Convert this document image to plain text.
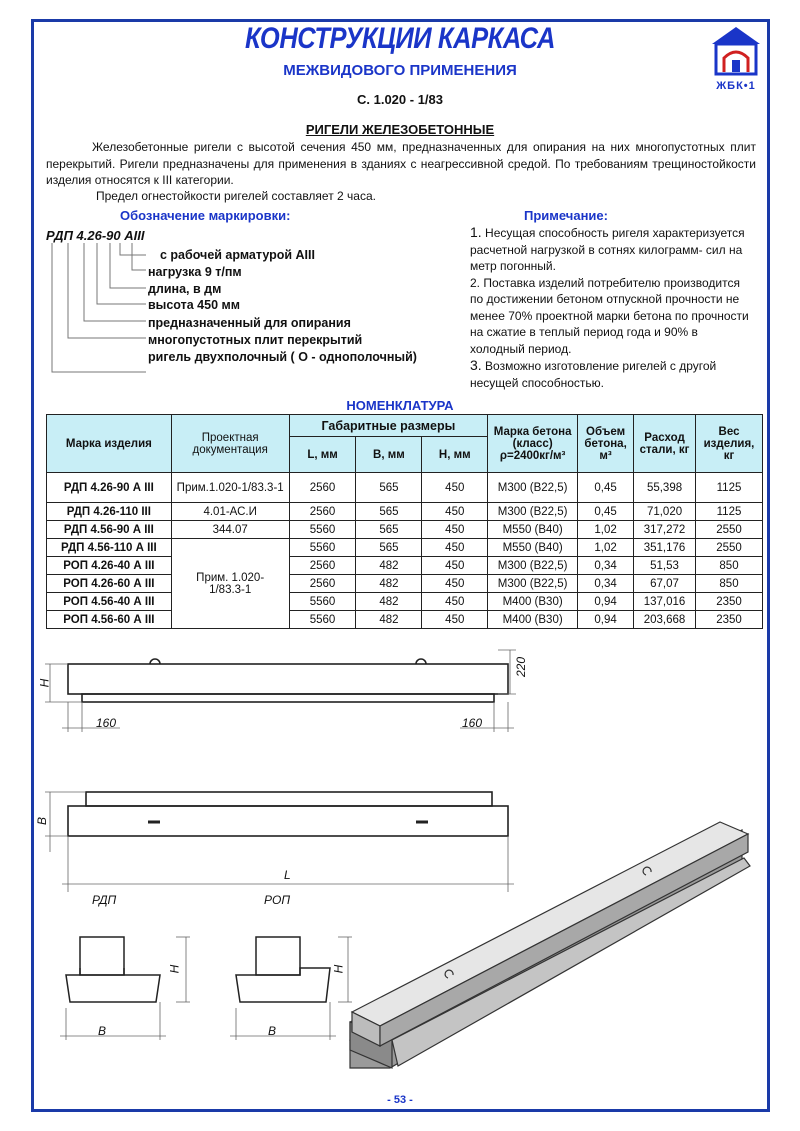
ЖБК•1
КОНСТРУКЦИИ КАРКАСА
МЕЖВИДОВОГО ПРИМЕНЕНИЯ
С. 1.020 - 1/83
РИГЕЛИ ЖЕЛЕЗОБЕТОННЫЕ
Железобетонные ригели с высотой сечения 450 мм, предназначенных для опирания на них многопустотных плит перекрытий. Ригели предназначены для применения в зданиях с неагрессивной средой. По требованиям трещиностойкости изделия относятся к III категории.
Предел огнестойкости ригелей составляет 2 часа.
Обозначение маркировки:
РДП 4.26-90 АIII
с рабочей арматурой АIII
нагрузка 9 т/пм
длина, в дм
высота 450 мм
предназначенный для опирания
многопустотных плит перекрытий
ригель двухполочный ( О - однополочный)
Примечание:
1. Несущая способность ригеля характеризуется расчетной нагрузкой в сотнях килограмм- сил на метр погонный.
2. Поставка изделий потребителю производится по достижении бетоном отпускной прочности не менее 70% проектной марки бетона по прочности на сжатие в теплый период года и 90% в холодный период.
3. Возможно изготовление ригелей с другой несущей способностью.
НОМЕНКЛАТУРА
Марка изделия	Проектная документация	Габаритные размеры			Марка бетона (класс) ρ=2400кг/м³	Объем бетона, м³	Расход стали, кг	Вес изделия, кг
		L, мм	B, мм	H, мм				
РДП 4.26-90 А III	Прим.1.020-1/83.3-1	2560	565	450	М300 (В22,5)	0,45	55,398	1125
РДП 4.26-110 III	4.01-АС.И	2560	565	450	М300 (В22,5)	0,45	71,020	1125
РДП 4.56-90 А III	344.07	5560	565	450	М550 (В40)	1,02	317,272	2550
РДП 4.56-110 А III	Прим. 1.020-1/83.3-1	5560	565	450	М550 (В40)	1,02	351,176	2550
РОП 4.26-40 А III		2560	482	450	М300 (В22,5)	0,34	51,53	850
РОП 4.26-60 А III		2560	482	450	М300 (В22,5)	0,34	67,07	850
РОП 4.56-40 А III		5560	482	450	М400 (В30)	0,94	137,016	2350
РОП 4.56-60 А III		5560	482	450	М400 (В30)	0,94	203,668	2350
H
220
160	160
B
L
РДП	РОП
H
B
H
B
- 53 -
